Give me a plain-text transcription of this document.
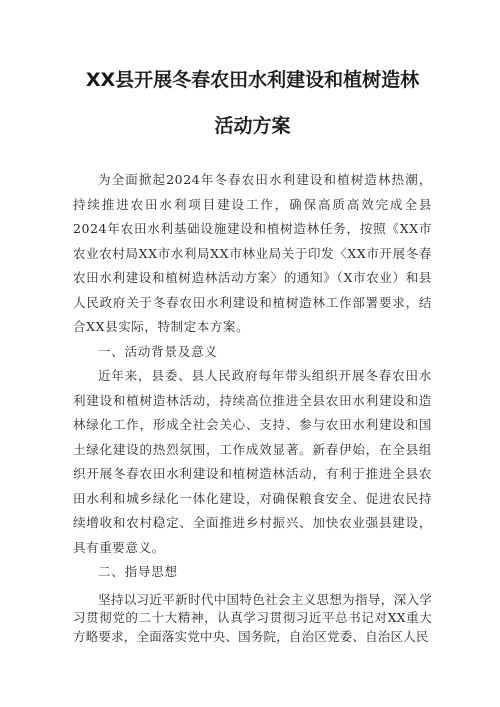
XX县开展冬春农田水利建设和植树造林
活动方案

为全面掀起2024年冬春农田水利建设和植树造林热潮，持续推进农田水利项目建设工作，确保高质高效完成全县2024年农田水利基础设施建设和植树造林任务，按照《XX市农业农村局XX市水利局XX市林业局关于印发〈XX市开展冬春农田水利建设和植树造林活动方案〉的通知》（X市农业）和县人民政府关于冬春农田水利建设和植树造林工作部署要求，结合XX县实际，特制定本方案。

一、活动背景及意义

近年来，县委、县人民政府每年带头组织开展冬春农田水利建设和植树造林活动，持续高位推进全县农田水利建设和造林绿化工作，形成全社会关心、支持、参与农田水利建设和国土绿化建设的热烈氛围，工作成效显著。新春伊始，在全县组织开展冬春农田水利建设和植树造林活动，有利于推进全县农田水利和城乡绿化一体化建设，对确保粮食安全、促进农民持续增收和农村稳定、全面推进乡村振兴、加快农业强县建设，具有重要意义。

二、指导思想

坚持以习近平新时代中国特色社会主义思想为指导，深入学习贯彻党的二十大精神，认真学习贯彻习近平总书记对XX重大方略要求，全面落实党中央、国务院，自治区党委、自治区人民
